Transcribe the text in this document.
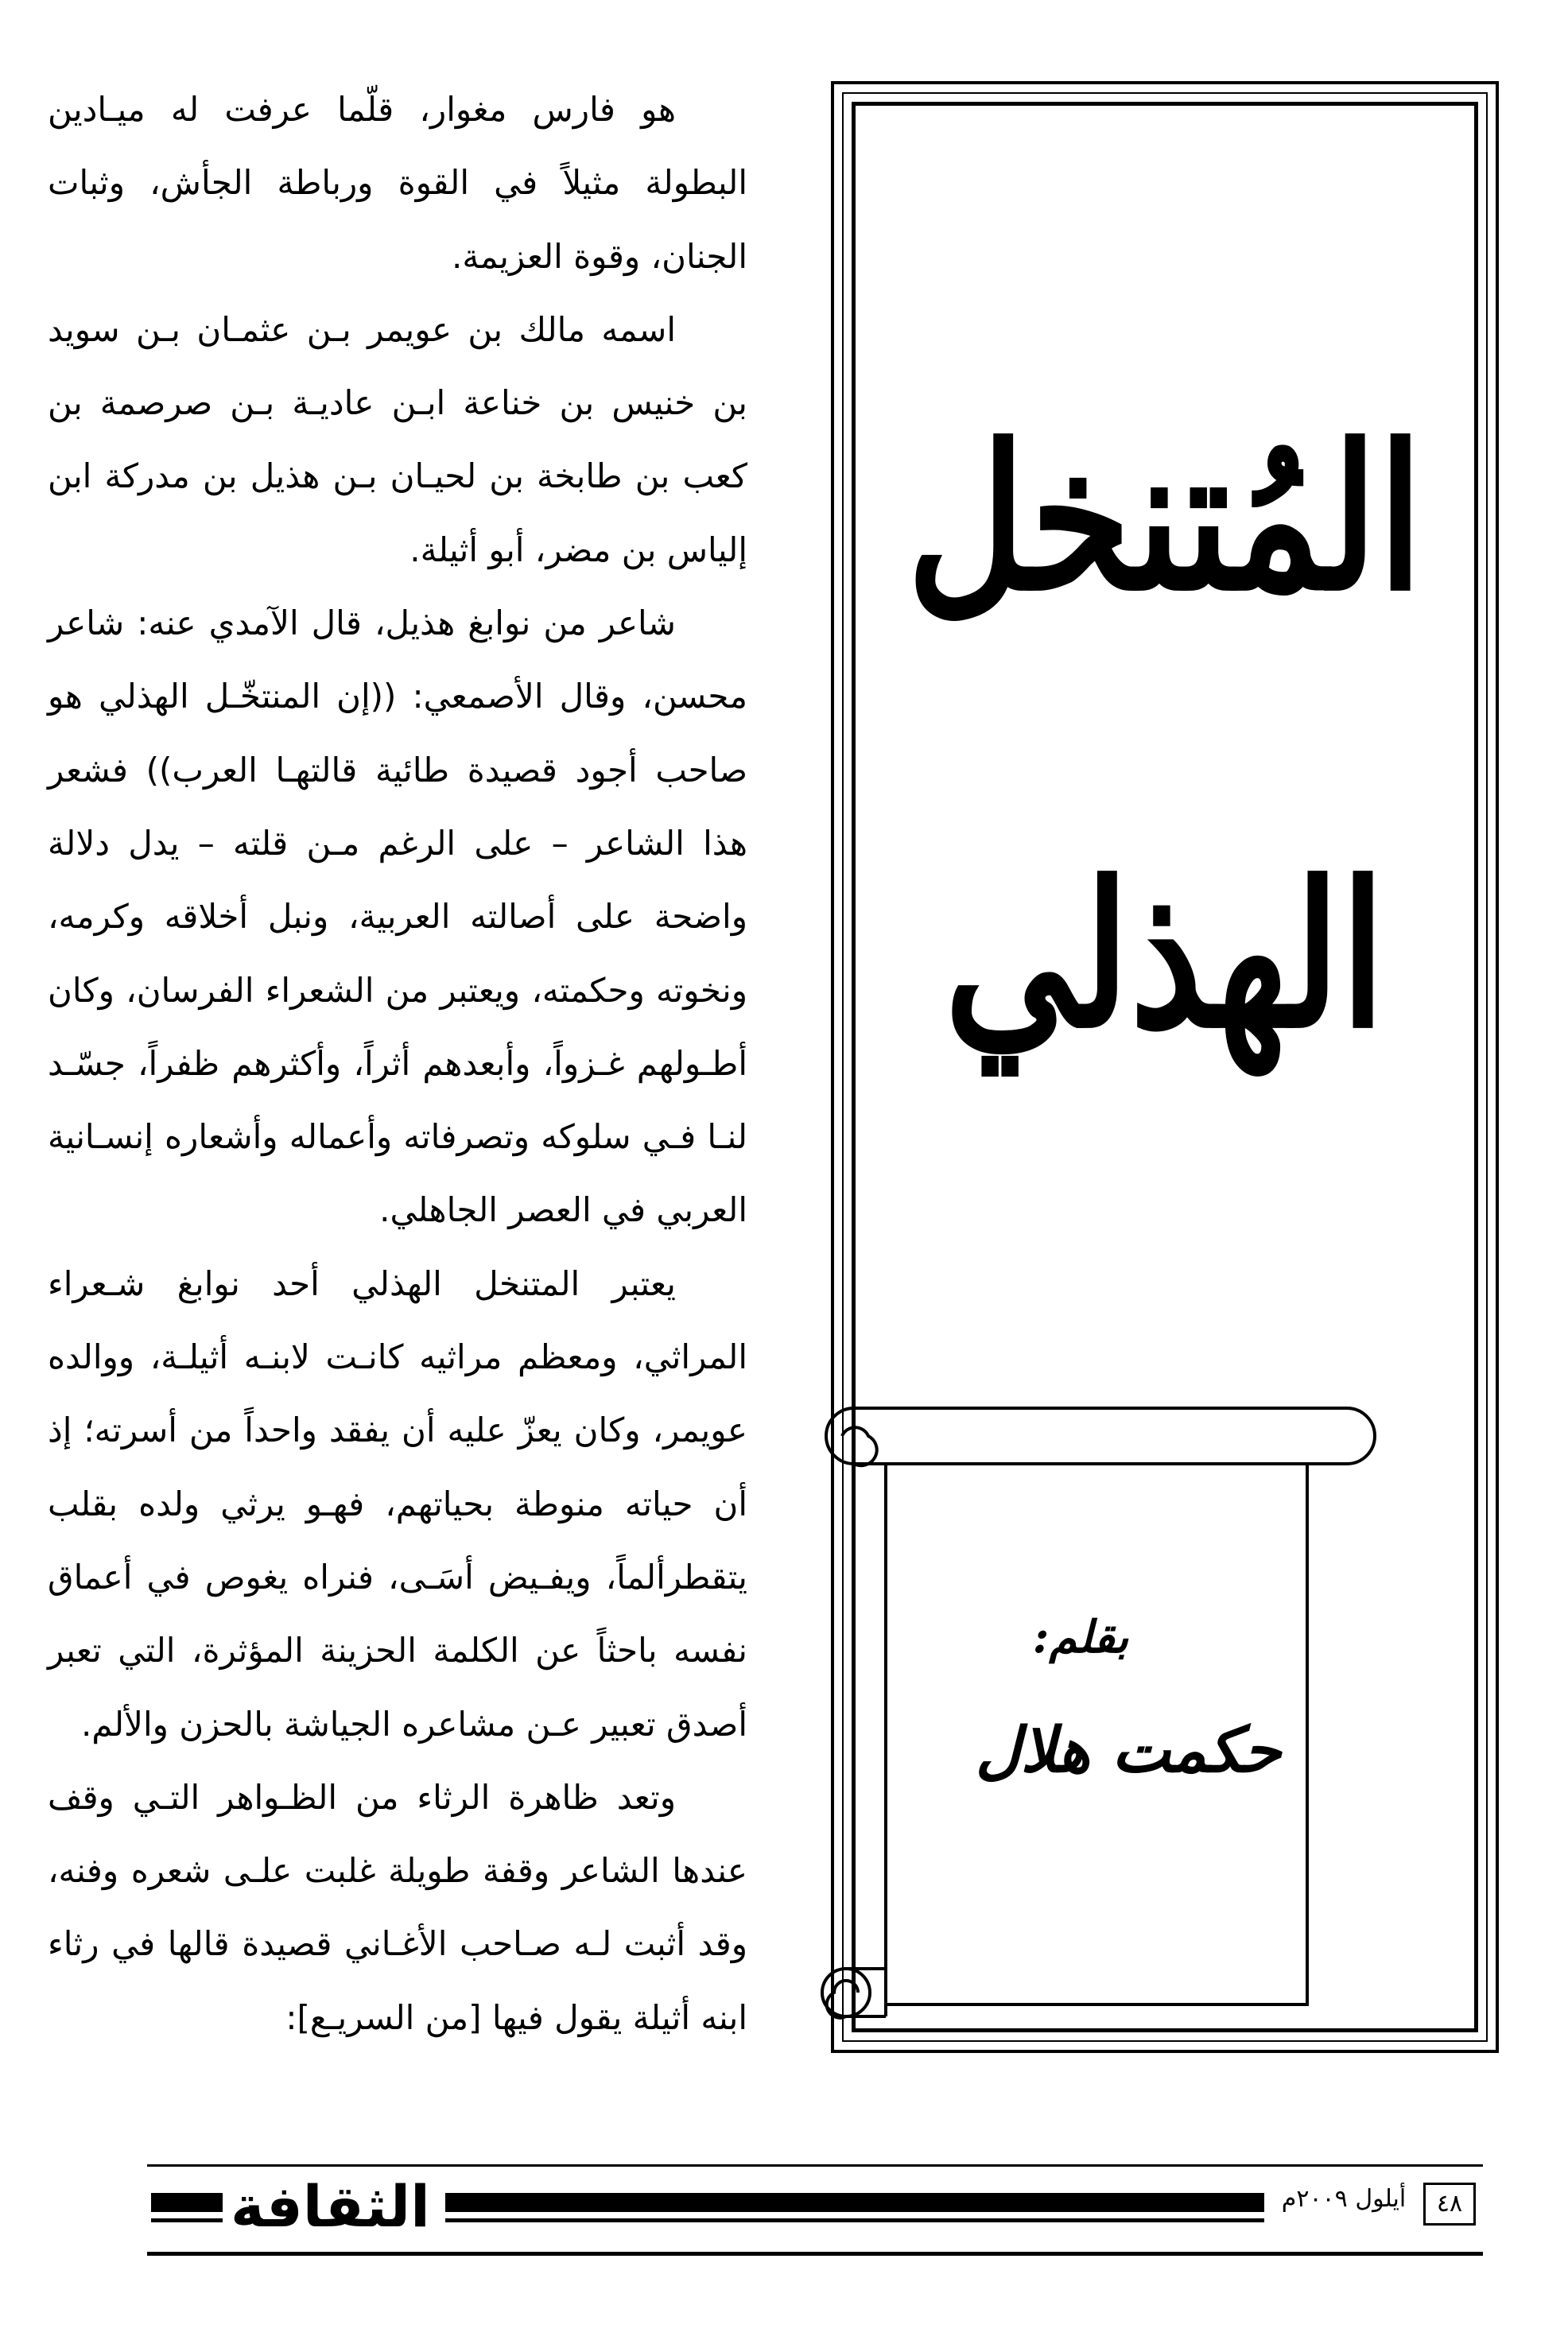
هو فارس مغوار، قلّما عرفت له ميـادين البطولة مثيلاً في القوة ورباطة الجأش، وثبات الجنان، وقوة العزيمة.

اسمه مالك بن عويمر بـن عثمـان بـن سويد بن خنيس بن خناعة ابـن عاديـة بـن صرصمة بن كعب بن طابخة بن لحيـان بـن هذيل بن مدركة ابن إلياس بن مضر، أبو أثيلة.

شاعر من نوابغ هذيل، قال الآمدي عنه: شاعر محسن، وقال الأصمعي: ((إن المنتخّـل الهذلي هو صاحب أجود قصيدة طائية قالتهـا العرب)) فشعر هذا الشاعر – على الرغم مـن قلته – يدل دلالة واضحة على أصالته العربية، ونبل أخلاقه وكرمه، ونخوته وحكمته، ويعتبر من الشعراء الفرسان، وكان أطـولهم غـزواً، وأبعدهم أثراً، وأكثرهم ظفراً، جسّـد لنـا فـي سلوكه وتصرفاته وأعماله وأشعاره إنسـانية العربي في العصر الجاهلي.

يعتبر المتنخل الهذلي أحد نوابغ شـعراء المراثي، ومعظم مراثيه كانـت لابنـه أثيلـة، ووالده عويمر، وكان يعزّ عليه أن يفقد واحداً من أسرته؛ إذ أن حياته منوطة بحياتهم، فهـو يرثي ولده بقلب يتقطرألماً، ويفـيض أسَـى، فنراه يغوص في أعماق نفسه باحثاً عن الكلمة الحزينة المؤثرة، التي تعبر أصدق تعبير عـن مشاعره الجياشة بالحزن والألم.

وتعد ظاهرة الرثاء من الظـواهر التـي وقف عندها الشاعر وقفة طويلة غلبت علـى شعره وفنه، وقد أثبت لـه صـاحب الأغـاني قصيدة قالها في رثاء ابنه أثيلة يقول فيها [من السريـع]:

المُتنخل
الهذلي
بقلم:
حكمت هلال
الثقافة	أيلول ٢٠٠٩م	٤٨
